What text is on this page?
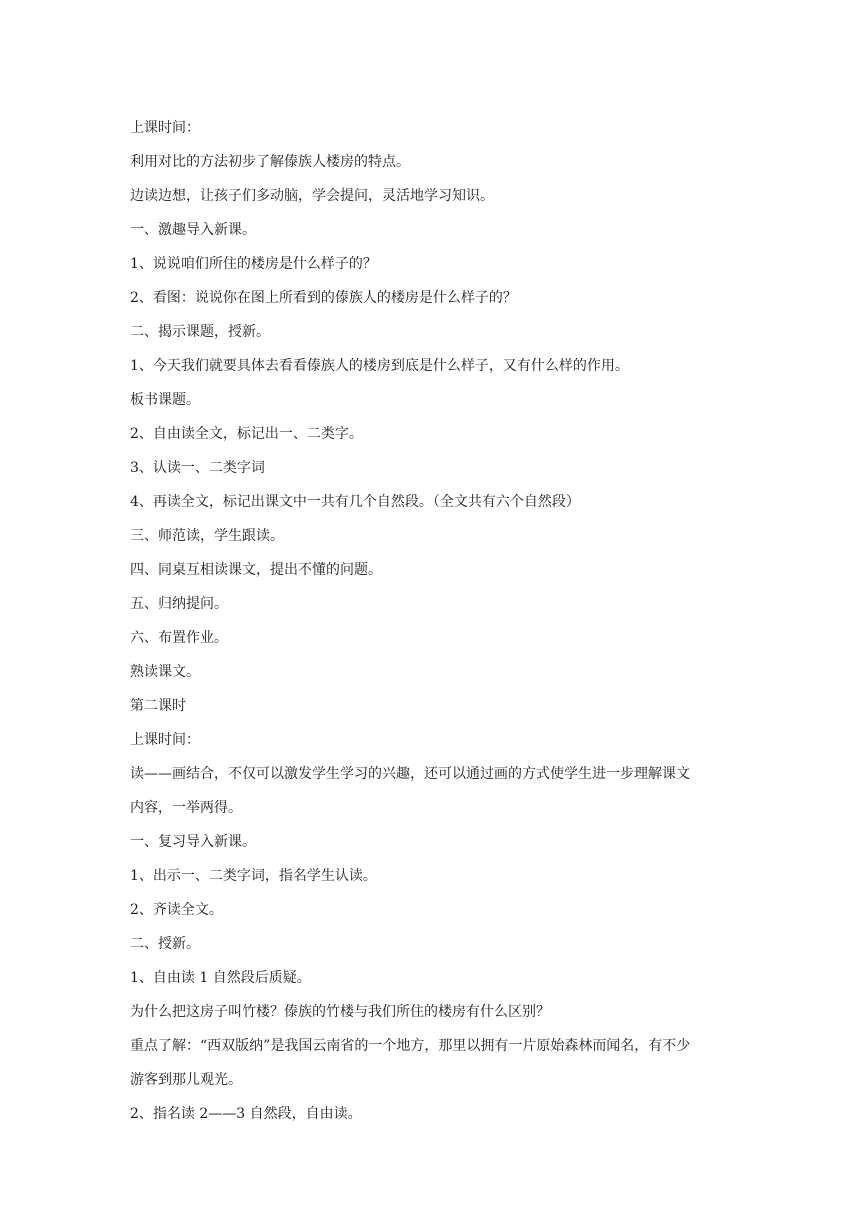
上课时间：

利用对比的方法初步了解傣族人楼房的特点。

边读边想，让孩子们多动脑，学会提问，灵活地学习知识。

一、激趣导入新课。

1、说说咱们所住的楼房是什么样子的？

2、看图：说说你在图上所看到的傣族人的楼房是什么样子的？

二、揭示课题，授新。

1、今天我们就要具体去看看傣族人的楼房到底是什么样子，又有什么样的作用。

板书课题。

2、自由读全文，标记出一、二类字。

3、认读一、二类字词

4、再读全文，标记出课文中一共有几个自然段。（全文共有六个自然段）

三、师范读，学生跟读。

四、同桌互相读课文，提出不懂的问题。

五、归纳提问。

六、布置作业。

熟读课文。

第二课时

上课时间：

读——画结合，不仅可以激发学生学习的兴趣，还可以通过画的方式使学生进一步理解课文

内容，一举两得。

一、复习导入新课。

1、出示一、二类字词，指名学生认读。

2、齐读全文。

二、授新。

1、自由读 1 自然段后质疑。

为什么把这房子叫竹楼？傣族的竹楼与我们所住的楼房有什么区别？

重点了解：“西双版纳”是我国云南省的一个地方，那里以拥有一片原始森林而闻名，有不少

游客到那儿观光。

2、指名读 2——3 自然段，自由读。
